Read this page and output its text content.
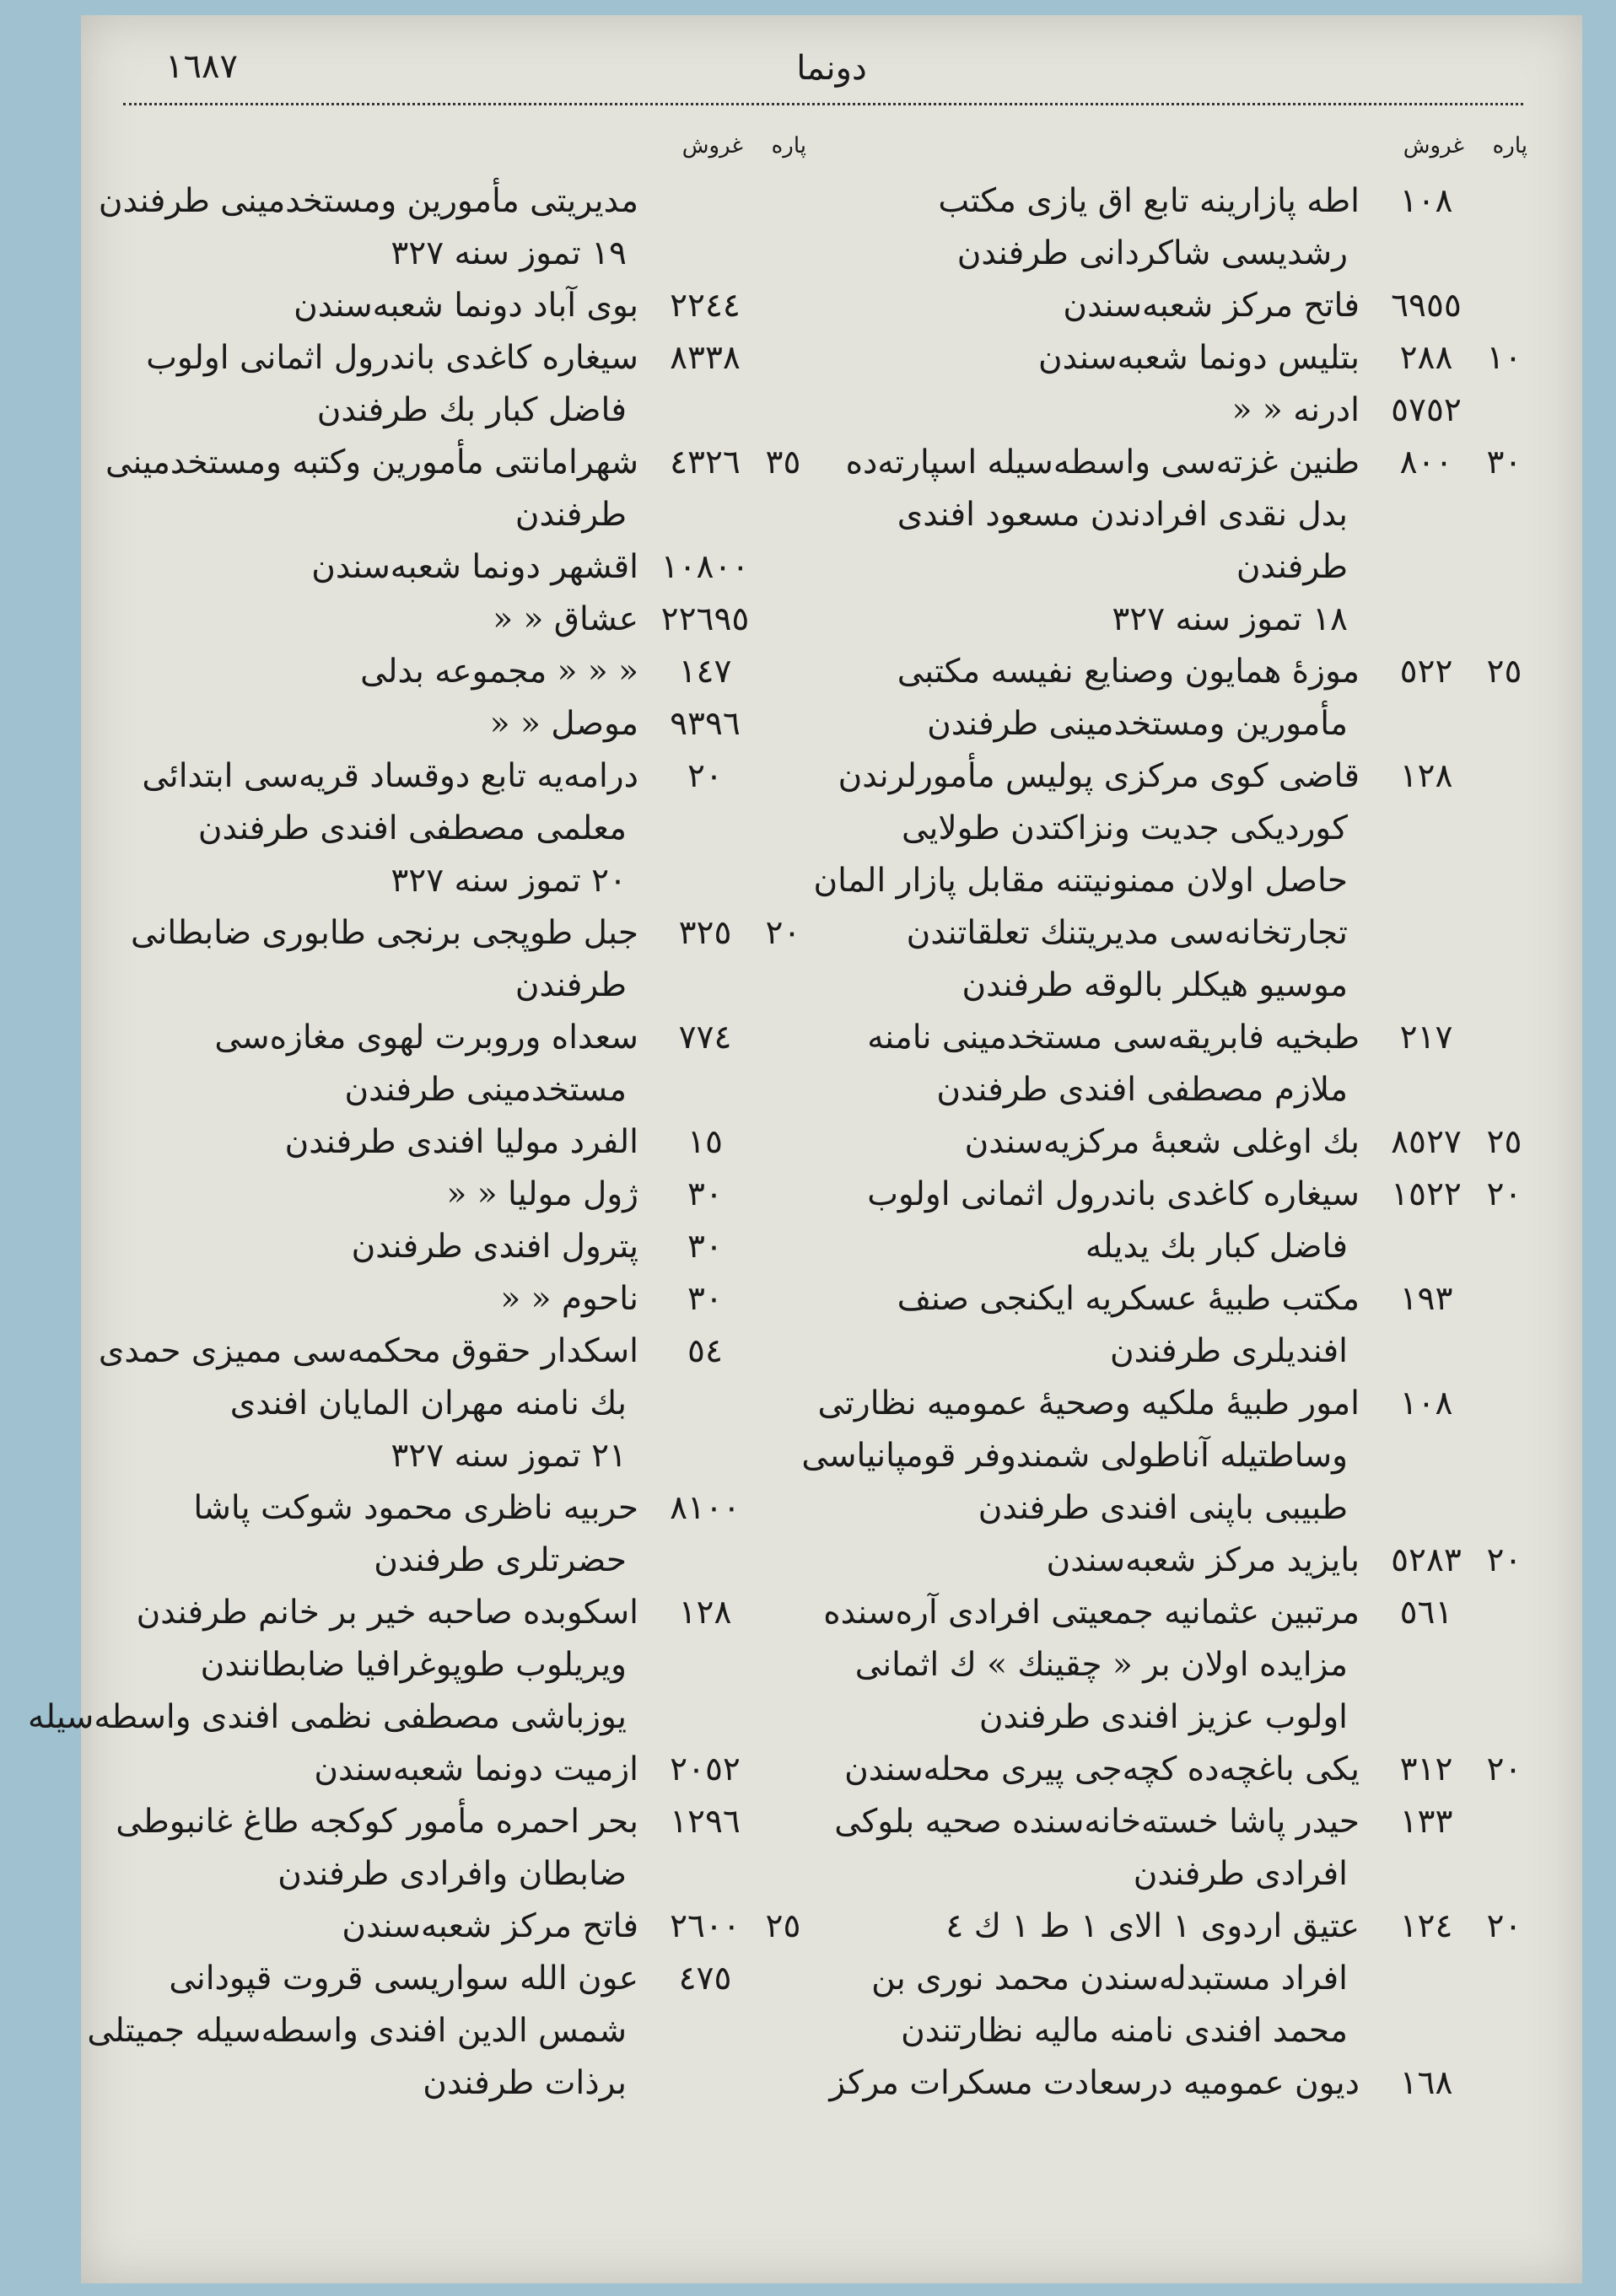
١٦٨٧	دونما
پاره
غروش
١٠٨
اطه پازارینه تابع اق یازی مکتب
رشدیسی شاکردانی طرفندن
٦٩٥٥
فاتح مرکز شعبه‌سندن
١٠
٢٨٨
بتلیس دونما شعبه‌سندن
٥٧٥٢
ادرنه « «
٣٠
٨٠٠
طنین غزته‌سی واسطه‌سیله اسپارته‌ده
بدل نقدی افرادندن مسعود افندی
طرفندن
١٨ تموز سنه ٣٢٧
٢٥
٥٢٢
موزهٔ همایون وصنایع نفیسه مکتبی
مأمورین ومستخدمینی طرفندن
١٢٨
قاضی کوی مرکزی پولیس مأمورلرندن
کوردیکی جدیت ونزاکتدن طولایی
حاصل اولان ممنونیتنه مقابل پازار المان
تجارتخانه‌سی مدیریتنك تعلقاتندن
موسیو هیکلر بالوقه طرفندن
٢١٧
طبخیه فابریقه‌سی مستخدمینی نامنه
ملازم مصطفی افندی طرفندن
٢٥
٨٥٢٧
بك اوغلی شعبهٔ مرکزیه‌سندن
٢٠
١٥٢٢
سیغاره کاغدی باندرول اثمانی اولوب
فاضل کبار بك یدیله
١٩٣
مکتب طبیهٔ عسکریه ایکنجی صنف
افندیلری طرفندن
١٠٨
امور طبیهٔ ملکیه وصحیهٔ عمومیه نظارتی
وساطتیله آناطولی شمندوفر قومپانیاسی
طبیبی باپنی افندی طرفندن
٢٠
٥٢٨٣
بایزید مرکز شعبه‌سندن
٥٦١
مرتبین عثمانیه جمعیتی افرادی آره‌سنده
مزایده اولان بر « چقینك » ك اثمانی
اولوب عزیز افندی طرفندن
٢٠
٣١٢
یکی باغچه‌ده کچه‌جی پیری محله‌سندن
١٣٣
حیدر پاشا خسته‌خانه‌سنده صحیه بلوکی
افرادی طرفندن
٢٠
١٢٤
عتیق اردوی ١ الای ١ ط ١ ك ٤
افراد مستبدله‌سندن محمد نوری بن
محمد افندی نامنه مالیه نظارتندن
١٦٨
دیون عمومیه درسعادت مسکرات مرکز
پاره
غروش
مدیریتی مأمورین ومستخدمینی طرفندن
١٩ تموز سنه ٣٢٧
٢٢٤٤
بوی آباد دونما شعبه‌سندن
٨٣٣٨
سیغاره کاغدی باندرول اثمانی اولوب
فاضل کبار بك طرفندن
٣٥
٤٣٢٦
شهرامانتی مأمورین وکتبه ومستخدمینی
طرفندن
١٠٨٠٠
اقشهر دونما شعبه‌سندن
٢٢٦٩٥
عشاق « «
١٤٧
« « « مجموعه بدلی
٩٣٩٦
موصل « «
٢٠
درامه‌یه تابع دوقساد قریه‌سی ابتدائی
معلمی مصطفی افندی طرفندن
٢٠ تموز سنه ٣٢٧
٢٠
٣٢٥
جبل طوپجی برنجی طابوری ضابطانی
طرفندن
٧٧٤
سعداه وروبرت لهوی مغازه‌سی
مستخدمینی طرفندن
١٥
الفرد مولیا افندی طرفندن
٣٠
ژول مولیا « «
٣٠
پترول افندی طرفندن
٣٠
ناحوم « «
٥٤
اسکدار حقوق محکمه‌سی ممیزی حمدی
بك نامنه مهران المایان افندی
٢١ تموز سنه ٣٢٧
٨١٠٠
حربیه ناظری محمود شوکت پاشا
حضرتلری طرفندن
١٢٨
اسکوبده صاحبه خیر بر خانم طرفندن
ویریلوب طوپوغرافیا ضابطانندن
یوزباشی مصطفی نظمی افندی واسطه‌سیله
٢٠٥٢
ازمیت دونما شعبه‌سندن
١٢٩٦
بحر احمره مأمور کوکجه طاغ غانبوطی
ضابطان وافرادی طرفندن
٢٥
٢٦٠٠
فاتح مرکز شعبه‌سندن
٤٧٥
عون الله سواریسی قروت قپودانی
شمس الدین افندی واسطه‌سیله جمیتلی
برذات طرفندن
